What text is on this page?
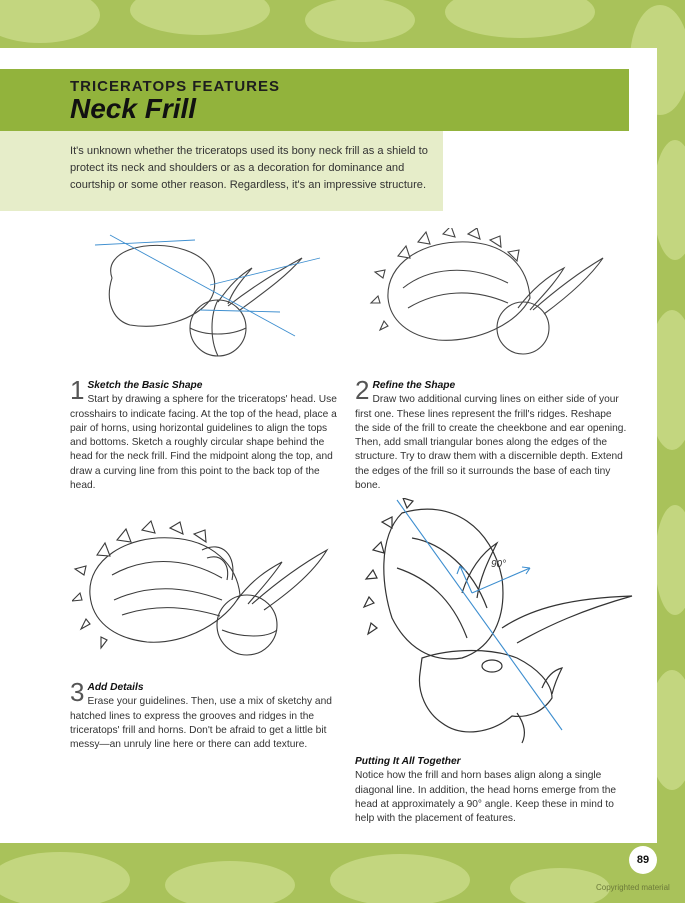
TRICERATOPS FEATURES
Neck Frill
It's unknown whether the triceratops used its bony neck frill as a shield to protect its neck and shoulders or as a decoration for dominance and courtship or some other reason. Regardless, it's an impressive structure.
1 Sketch the Basic Shape
Start by drawing a sphere for the triceratops' head. Use crosshairs to indicate facing. At the top of the head, place a pair of horns, using horizontal guidelines to align the tops and bottoms. Sketch a roughly circular shape behind the head for the neck frill. Find the midpoint along the top, and draw a curving line from this point to the back top of the head.
2 Refine the Shape
Draw two additional curving lines on either side of your first one. These lines represent the frill's ridges. Reshape the side of the frill to create the cheekbone and ear opening. Then, add small triangular bones along the edges of the structure. Try to draw them with a discernible depth. Extend the edges of the frill so it surrounds the base of each tiny bone.
3 Add Details
Erase your guidelines. Then, use a mix of sketchy and hatched lines to express the grooves and ridges in the triceratops' frill and horns. Don't be afraid to get a little bit messy—an unruly line here or there can add texture.
Putting It All Together
Notice how the frill and horn bases align along a single diagonal line. In addition, the head horns emerge from the head at approximately a 90° angle. Keep these in mind to help with the placement of features.
90°
89
Copyrighted material
